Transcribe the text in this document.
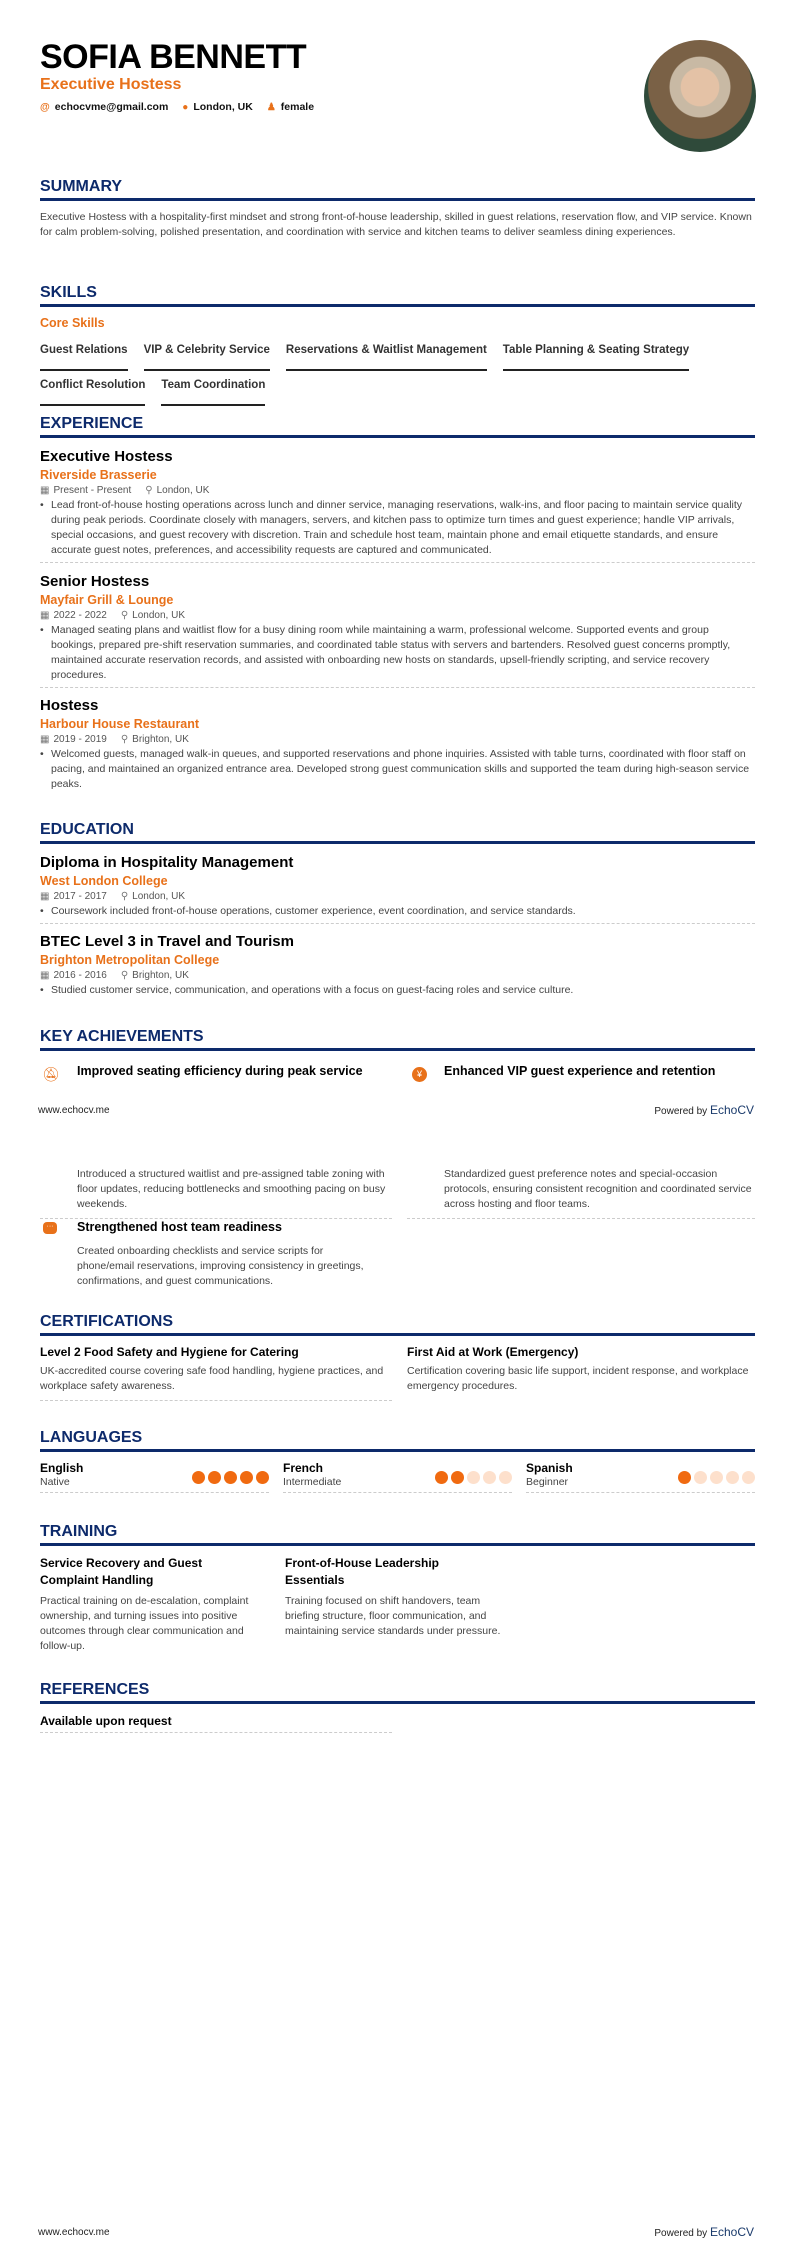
SOFIA BENNETT
Executive Hostess
@ echocvme@gmail.com ● London, UK ♟ female
SUMMARY
Executive Hostess with a hospitality-first mindset and strong front-of-house leadership, skilled in guest relations, reservation flow, and VIP service. Known for calm problem-solving, polished presentation, and coordination with service and kitchen teams to deliver seamless dining experiences.
SKILLS
Core Skills
Guest Relations VIP & Celebrity Service Reservations & Waitlist Management Table Planning & Seating Strategy
Conflict Resolution Team Coordination
EXPERIENCE
Executive Hostess
Riverside Brasserie
▦ Present - Present ⚲ London, UK
• Lead front-of-house hosting operations across lunch and dinner service, managing reservations, walk-ins, and floor pacing to maintain service quality during peak periods. Coordinate closely with managers, servers, and kitchen pass to optimize turn times and guest experience; handle VIP arrivals, special occasions, and guest recovery with discretion. Train and schedule host team, maintain phone and email etiquette standards, and ensure accurate guest notes, preferences, and accessibility requests are captured and communicated.
Senior Hostess
Mayfair Grill & Lounge
▦ 2022 - 2022 ⚲ London, UK
• Managed seating plans and waitlist flow for a busy dining room while maintaining a warm, professional welcome. Supported events and group bookings, prepared pre-shift reservation summaries, and coordinated table status with servers and bartenders. Resolved guest concerns promptly, maintained accurate reservation records, and assisted with onboarding new hosts on standards, upsell-friendly scripting, and service recovery procedures.
Hostess
Harbour House Restaurant
▦ 2019 - 2019 ⚲ Brighton, UK
• Welcomed guests, managed walk-in queues, and supported reservations and phone inquiries. Assisted with table turns, coordinated with floor staff on pacing, and maintained an organized entrance area. Developed strong guest communication skills and supported the team during high-season service peaks.
EDUCATION
Diploma in Hospitality Management
West London College
▦ 2017 - 2017 ⚲ London, UK
• Coursework included front-of-house operations, customer experience, event coordination, and service standards.
BTEC Level 3 in Travel and Tourism
Brighton Metropolitan College
▦ 2016 - 2016 ⚲ Brighton, UK
• Studied customer service, communication, and operations with a focus on guest-facing roles and service culture.
KEY ACHIEVEMENTS
🔕︎ Improved seating efficiency during peak service
Introduced a structured waitlist and pre-assigned table zoning with floor updates, reducing bottlenecks and smoothing pacing on busy weekends.
¥	Enhanced VIP guest experience and retention
Standardized guest preference notes and special-occasion protocols, ensuring consistent recognition and coordinated service across hosting and floor teams.
··· Strengthened host team readiness
Created onboarding checklists and service scripts for phone/email reservations, improving consistency in greetings, confirmations, and guest communications.
www.echocv.me	Powered by EchoCV
CERTIFICATIONS
Level 2 Food Safety and Hygiene for Catering
UK-accredited course covering safe food handling, hygiene practices, and workplace safety awareness.
First Aid at Work (Emergency)
Certification covering basic life support, incident response, and workplace emergency procedures.
LANGUAGES
English
Native
French
Intermediate
Spanish
Beginner
TRAINING
Service Recovery and Guest Complaint Handling
Practical training on de-escalation, complaint ownership, and turning issues into positive outcomes through clear communication and follow-up.
Front-of-House Leadership Essentials
Training focused on shift handovers, team briefing structure, floor communication, and maintaining service standards under pressure.
REFERENCES
Available upon request
www.echocv.me	Powered by EchoCV
